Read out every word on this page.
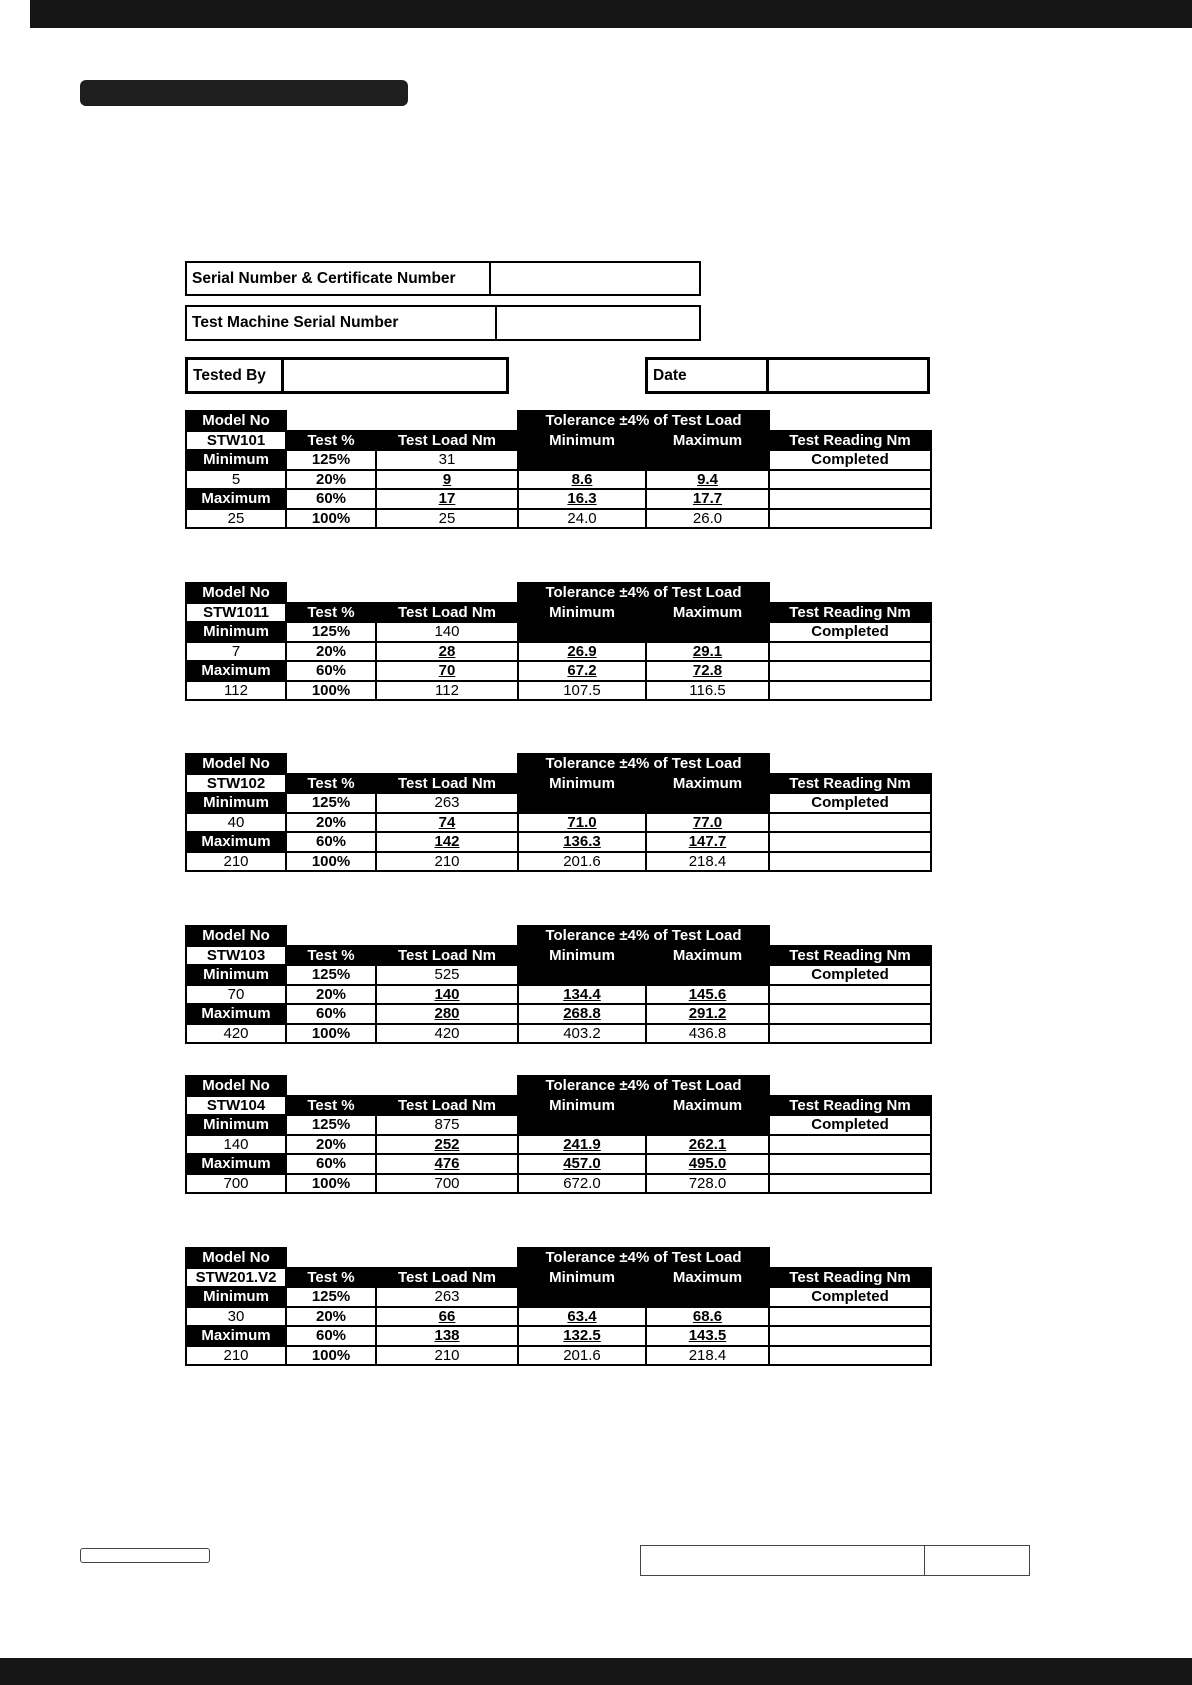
Serial Number & Certificate Number
Test Machine Serial Number
Tested By	Date
Model No			Tolerance ±4% of Test Load		
STW101	Test %	Test Load Nm	Minimum	Maximum	Test Reading Nm
Minimum	125%	31			Completed
5	20%	9	8.6	9.4	
Maximum	60%	17	16.3	17.7	
25	100%	25	24.0	26.0	
Model No			Tolerance ±4% of Test Load		
STW1011	Test %	Test Load Nm	Minimum	Maximum	Test Reading Nm
Minimum	125%	140			Completed
7	20%	28	26.9	29.1	
Maximum	60%	70	67.2	72.8	
112	100%	112	107.5	116.5	
Model No			Tolerance ±4% of Test Load		
STW102	Test %	Test Load Nm	Minimum	Maximum	Test Reading Nm
Minimum	125%	263			Completed
40	20%	74	71.0	77.0	
Maximum	60%	142	136.3	147.7	
210	100%	210	201.6	218.4	
Model No			Tolerance ±4% of Test Load		
STW103	Test %	Test Load Nm	Minimum	Maximum	Test Reading Nm
Minimum	125%	525			Completed
70	20%	140	134.4	145.6	
Maximum	60%	280	268.8	291.2	
420	100%	420	403.2	436.8	
Model No			Tolerance ±4% of Test Load		
STW104	Test %	Test Load Nm	Minimum	Maximum	Test Reading Nm
Minimum	125%	875			Completed
140	20%	252	241.9	262.1	
Maximum	60%	476	457.0	495.0	
700	100%	700	672.0	728.0	
Model No			Tolerance ±4% of Test Load		
STW201.V2	Test %	Test Load Nm	Minimum	Maximum	Test Reading Nm
Minimum	125%	263			Completed
30	20%	66	63.4	68.6	
Maximum	60%	138	132.5	143.5	
210	100%	210	201.6	218.4	
